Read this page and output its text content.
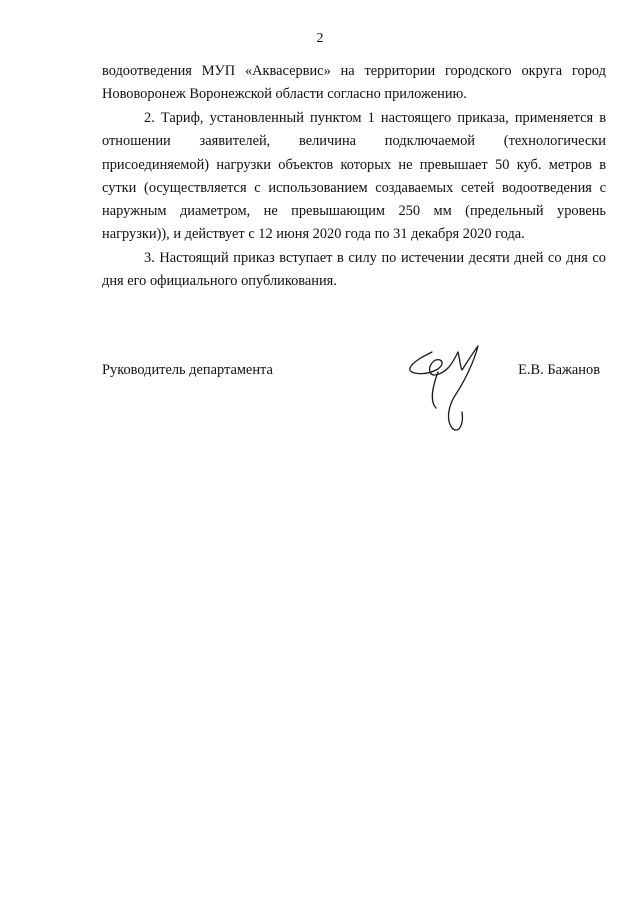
2

водоотведения МУП «Аквасервис» на территории городского округа город Нововоронеж Воронежской области согласно приложению.

2. Тариф, установленный пунктом 1 настоящего приказа, применяется в отношении заявителей, величина подключаемой (технологически присоединяемой) нагрузки объектов которых не превышает 50 куб. метров в сутки (осуществляется с использованием создаваемых сетей водоотведения с наружным диаметром, не превышающим 250 мм (предельный уровень нагрузки)), и действует с 12 июня 2020 года по 31 декабря 2020 года.

3. Настоящий приказ вступает в силу по истечении десяти дней со дня со дня его официального опубликования.

Руководитель департамента	Е.В. Бажанов
